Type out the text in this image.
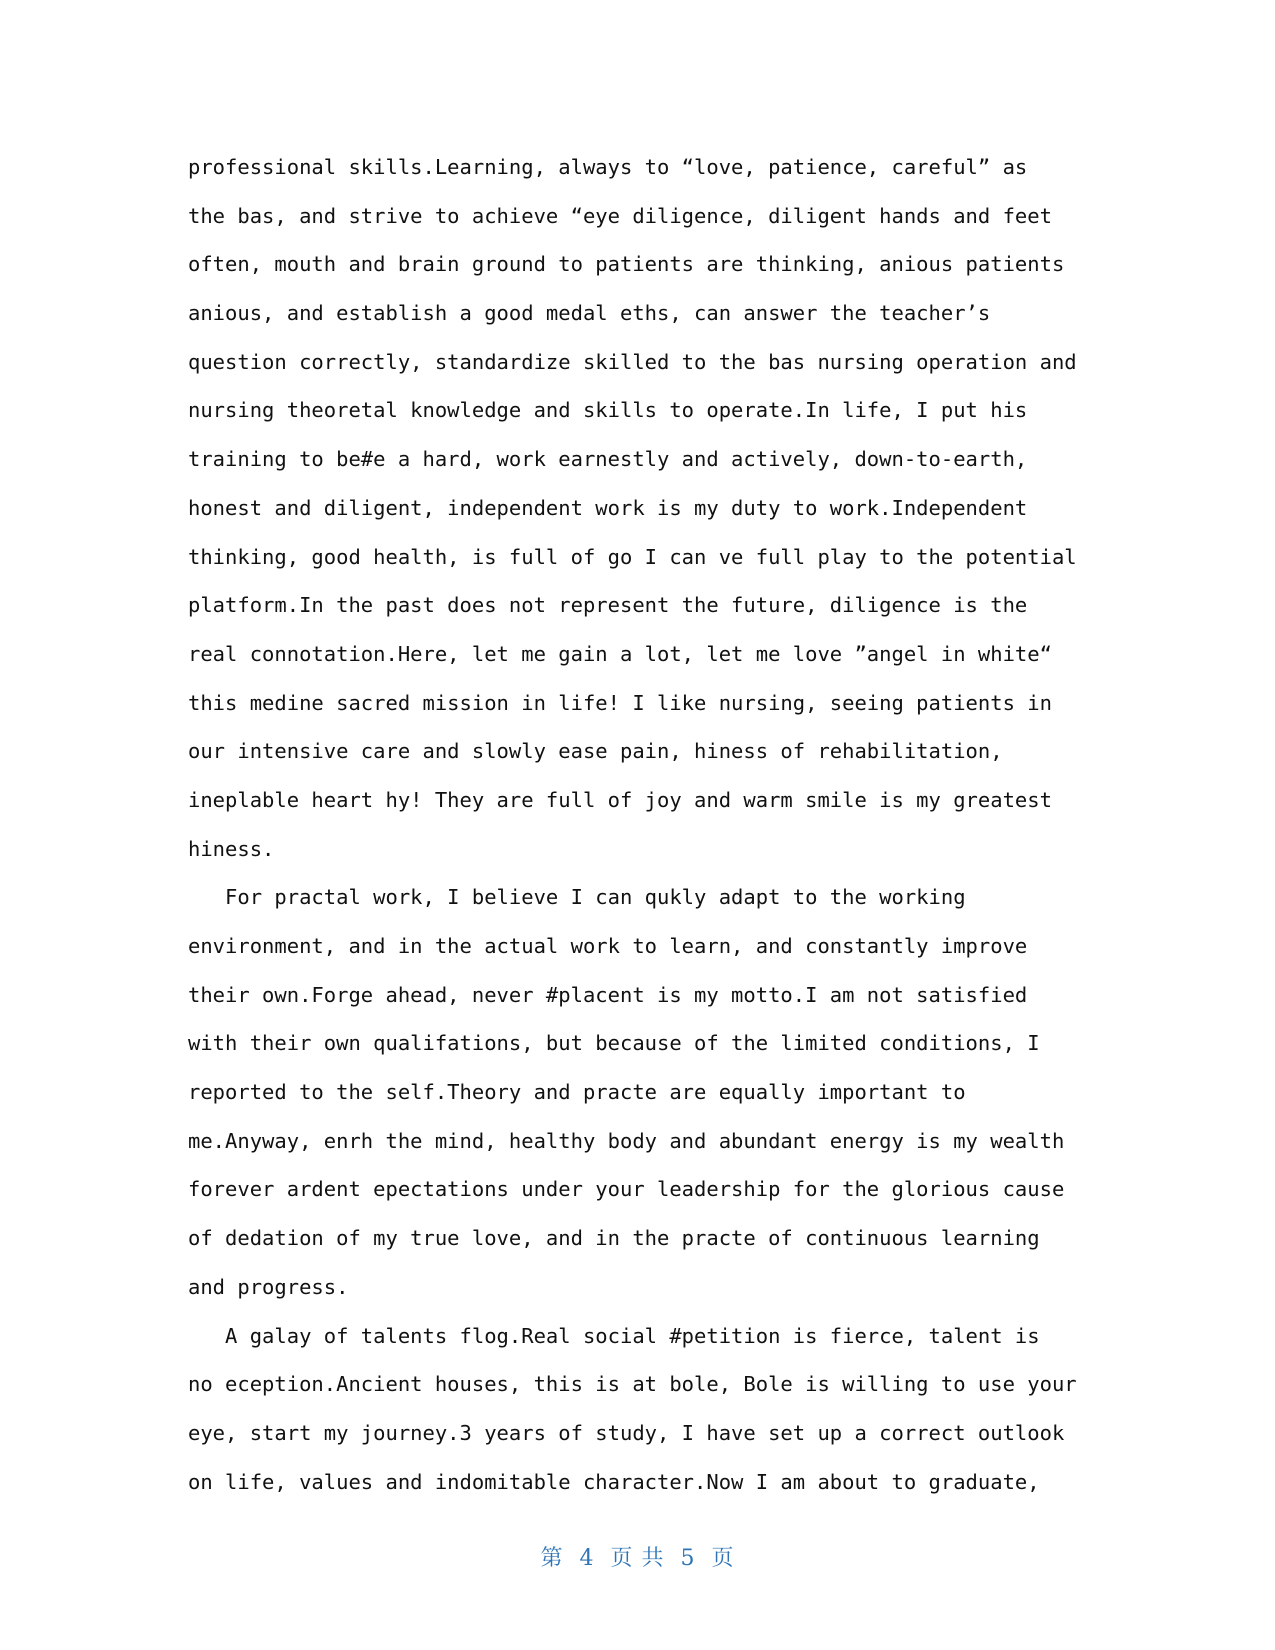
professional skills.Learning, always to “love, patience, careful” as
the bas, and strive to achieve “eye diligence, diligent hands and feet
often, mouth and brain ground to patients are thinking, anious patients
anious, and establish a good medal eths, can answer the teacher’s
question correctly, standardize skilled to the bas nursing operation and
nursing theoretal knowledge and skills to operate.In life, I put his
training to be#e a hard, work earnestly and actively, down-to-earth,
honest and diligent, independent work is my duty to work.Independent
thinking, good health, is full of go I can ve full play to the potential
platform.In the past does not represent the future, diligence is the
real connotation.Here, let me gain a lot, let me love ”angel in white“
this medine sacred mission in life! I like nursing, seeing patients in
our intensive care and slowly ease pain, hiness of rehabilitation,
ineplable heart hy! They are full of joy and warm smile is my greatest
hiness.
For practal work, I believe I can qukly adapt to the working
environment, and in the actual work to learn, and constantly improve
their own.Forge ahead, never #placent is my motto.I am not satisfied
with their own qualifations, but because of the limited conditions, I
reported to the self.Theory and practe are equally important to
me.Anyway, enrh the mind, healthy body and abundant energy is my wealth
forever ardent epectations under your leadership for the glorious cause
of dedation of my true love, and in the practe of continuous learning
and progress.
A galay of talents flog.Real social #petition is fierce, talent is
no eception.Ancient houses, this is at bole, Bole is willing to use your
eye, start my journey.3 years of study, I have set up a correct outlook
on life, values and indomitable character.Now I am about to graduate,
第 4 页 共 5 页
